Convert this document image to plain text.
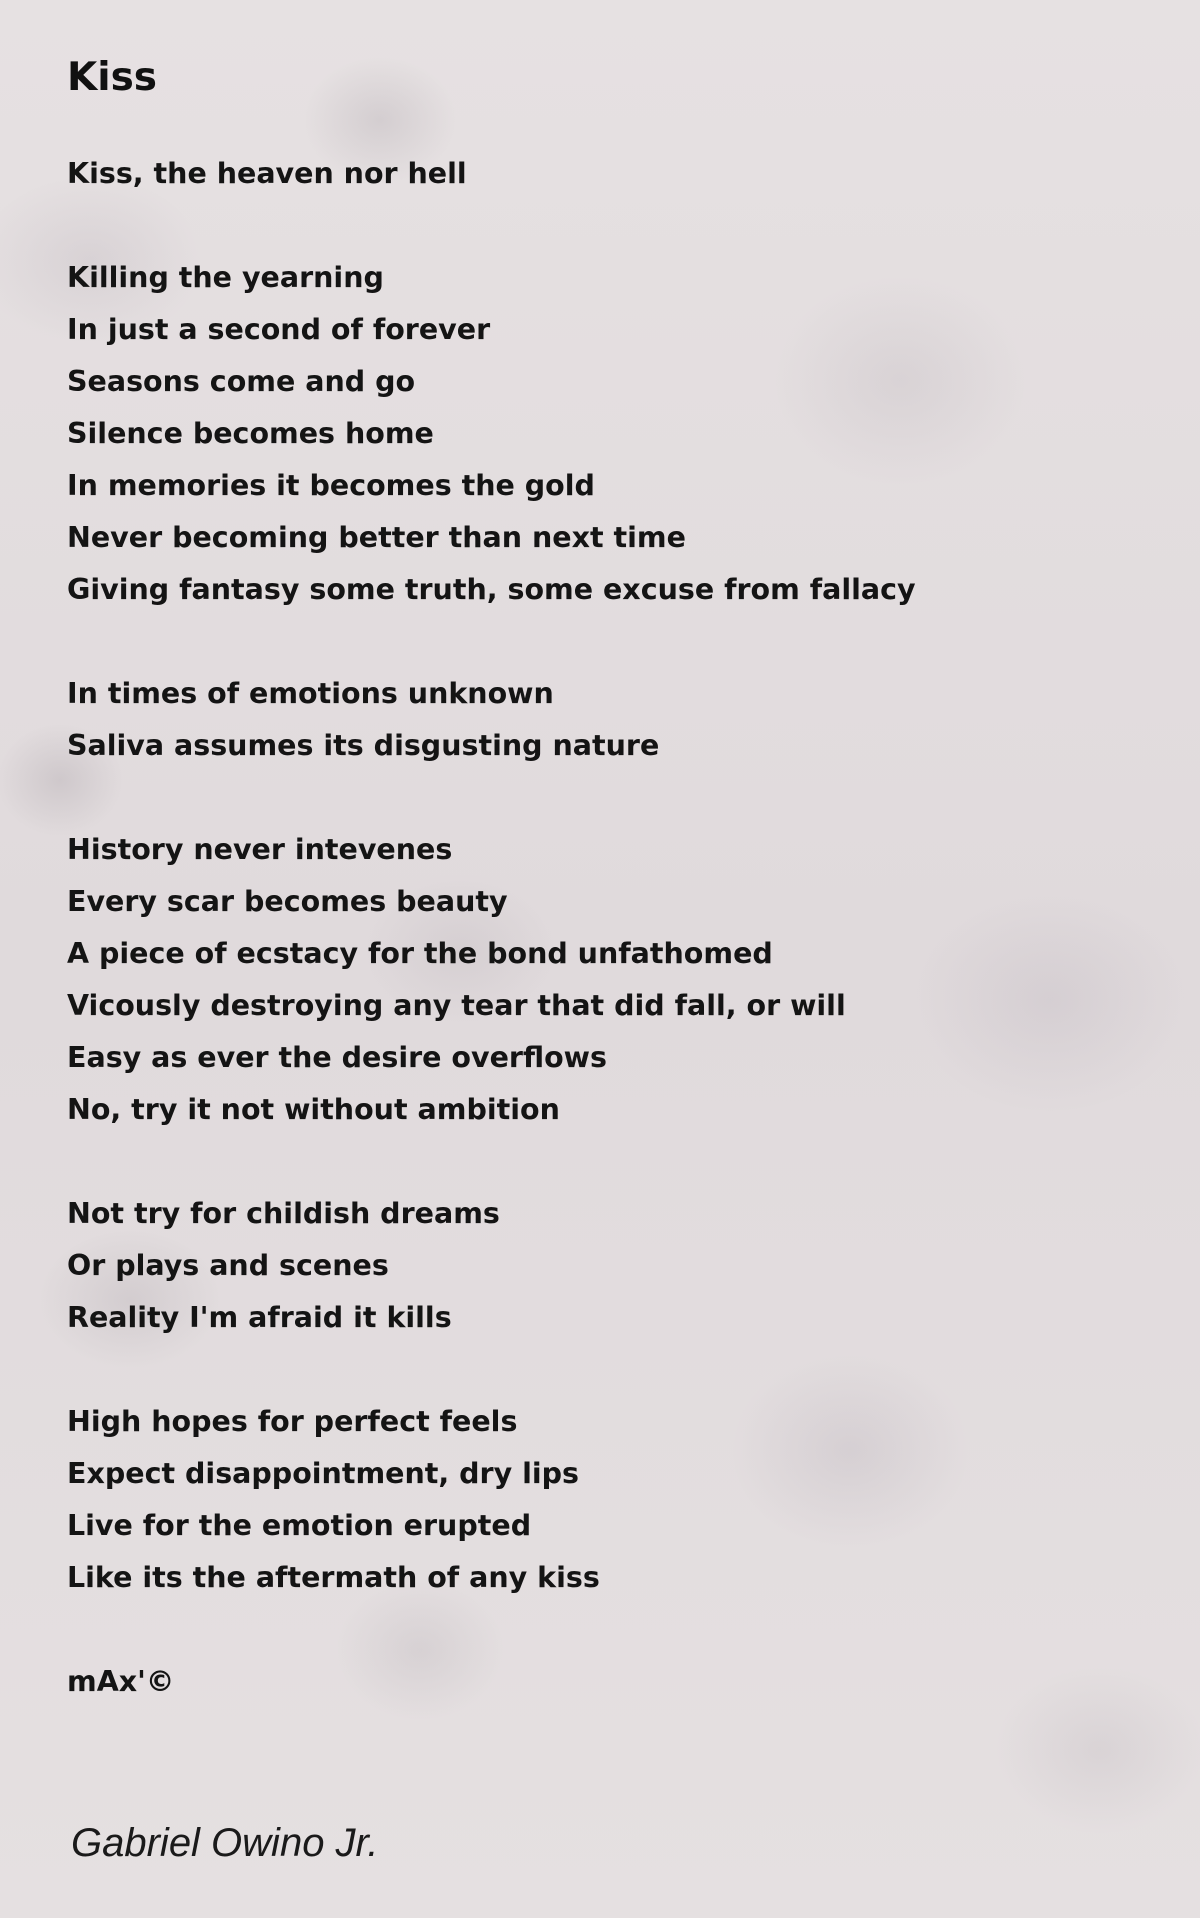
Kiss
Kiss, the heaven nor hell
Killing the yearning
In just a second of forever
Seasons come and go
Silence becomes home
In memories it becomes the gold
Never becoming better than next time
Giving fantasy some truth, some excuse from fallacy
In times of emotions unknown
Saliva assumes its disgusting nature
History never intevenes
Every scar becomes beauty
A piece of ecstacy for the bond unfathomed
Vicously destroying any tear that did fall, or will
Easy as ever the desire overflows
No, try it not without ambition
Not try for childish dreams
Or plays and scenes
Reality I'm afraid it kills
High hopes for perfect feels
Expect disappointment, dry lips
Live for the emotion erupted
Like its the aftermath of any kiss
mAx'©

Gabriel Owino Jr.
